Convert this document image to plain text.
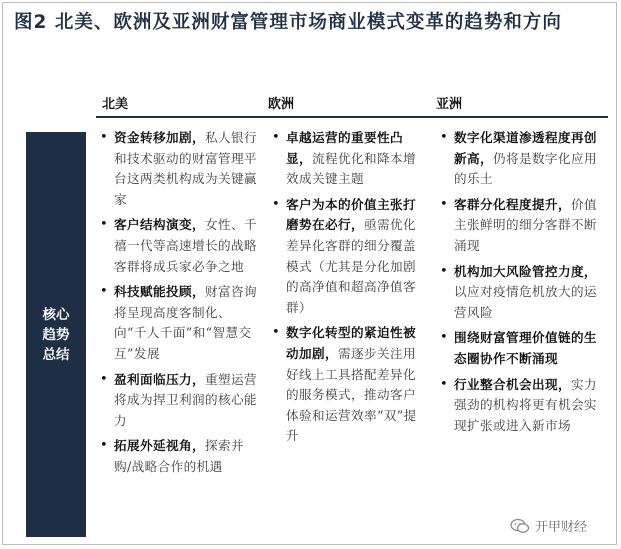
图2 北美、欧洲及亚洲财富管理市场商业模式变革的趋势和方向
北美	欧洲	亚洲
核心趋势总结
• 资金转移加剧，私人银行和技术驱动的财富管理平台这两类机构成为关键赢家
• 客户结构演变，女性、千禧一代等高速增长的战略客群将成兵家必争之地
• 科技赋能投顾，财富咨询将呈现高度客制化、向“千人千面”和“智慧交互”发展
• 盈利面临压力，重塑运营将成为捍卫利润的核心能力
• 拓展外延视角，探索并购/战略合作的机遇
• 卓越运营的重要性凸显，流程优化和降本增效成关键主题
• 客户为本的价值主张打磨势在必行，亟需优化差异化客群的细分覆盖模式（尤其是分化加剧的高净值和超高净值客群）
• 数字化转型的紧迫性被动加剧，需逐步关注用好线上工具搭配差异化的服务模式，推动客户体验和运营效率“双”提升
• 数字化渠道渗透程度再创新高，仍将是数字化应用的乐土
• 客群分化程度提升，价值主张鲜明的细分客群不断涌现
• 机构加大风险管控力度，以应对疫情危机放大的运营风险
• 围绕财富管理价值链的生态圈协作不断涌现
• 行业整合机会出现，实力强劲的机构将更有机会实现扩张或进入新市场
开甲财经
